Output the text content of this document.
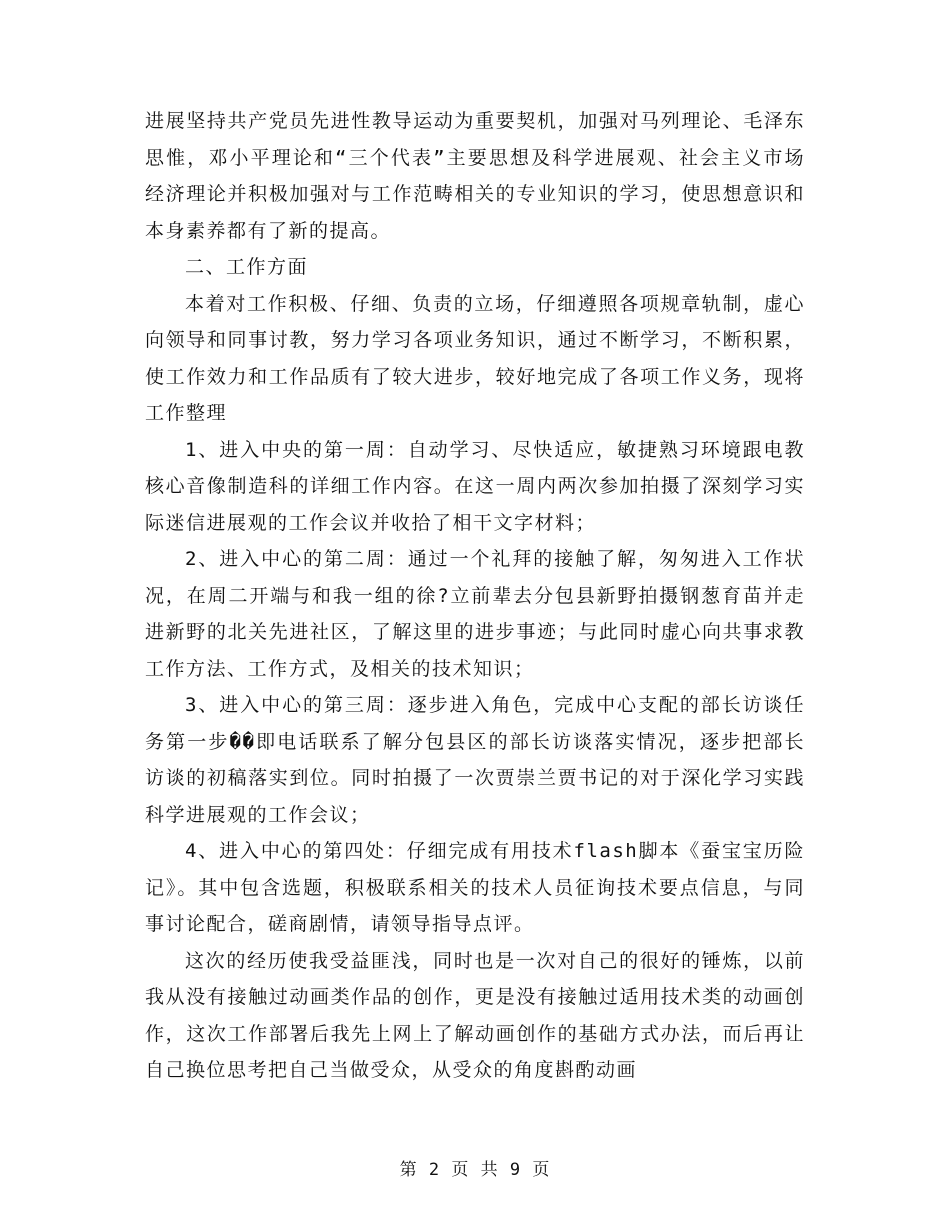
进展坚持共产党员先进性教导运动为重要契机，加强对马列理论、毛泽东思惟，邓小平理论和“三个代表”主要思想及科学进展观、社会主义市场经济理论并积极加强对与工作范畴相关的专业知识的学习，使思想意识和本身素养都有了新的提高。

二、工作方面

本着对工作积极、仔细、负责的立场，仔细遵照各项规章轨制，虚心向领导和同事讨教，努力学习各项业务知识，通过不断学习，不断积累，使工作效力和工作品质有了较大进步，较好地完成了各项工作义务，现将工作整理

1、进入中央的第一周：自动学习、尽快适应，敏捷熟习环境跟电教核心音像制造科的详细工作内容。在这一周内两次参加拍摄了深刻学习实际迷信进展观的工作会议并收拾了相干文字材料；

2、进入中心的第二周：通过一个礼拜的接触了解，匆匆进入工作状况，在周二开端与和我一组的徐?立前辈去分包县新野拍摄钢葱育苗并走进新野的北关先进社区，了解这里的进步事迹；与此同时虚心向共事求教工作方法、工作方式，及相关的技术知识；

3、进入中心的第三周：逐步进入角色，完成中心支配的部长访谈任务第一步��即电话联系了解分包县区的部长访谈落实情况，逐步把部长访谈的初稿落实到位。同时拍摄了一次贾崇兰贾书记的对于深化学习实践科学进展观的工作会议；

4、进入中心的第四处：仔细完成有用技术flash脚本《蚕宝宝历险记》。其中包含选题，积极联系相关的技术人员征询技术要点信息，与同事讨论配合，磋商剧情，请领导指导点评。

这次的经历使我受益匪浅，同时也是一次对自己的很好的锤炼，以前我从没有接触过动画类作品的创作，更是没有接触过适用技术类的动画创作，这次工作部署后我先上网上了解动画创作的基础方式办法，而后再让自己换位思考把自己当做受众，从受众的角度斟酌动画

第 2 页 共 9 页
